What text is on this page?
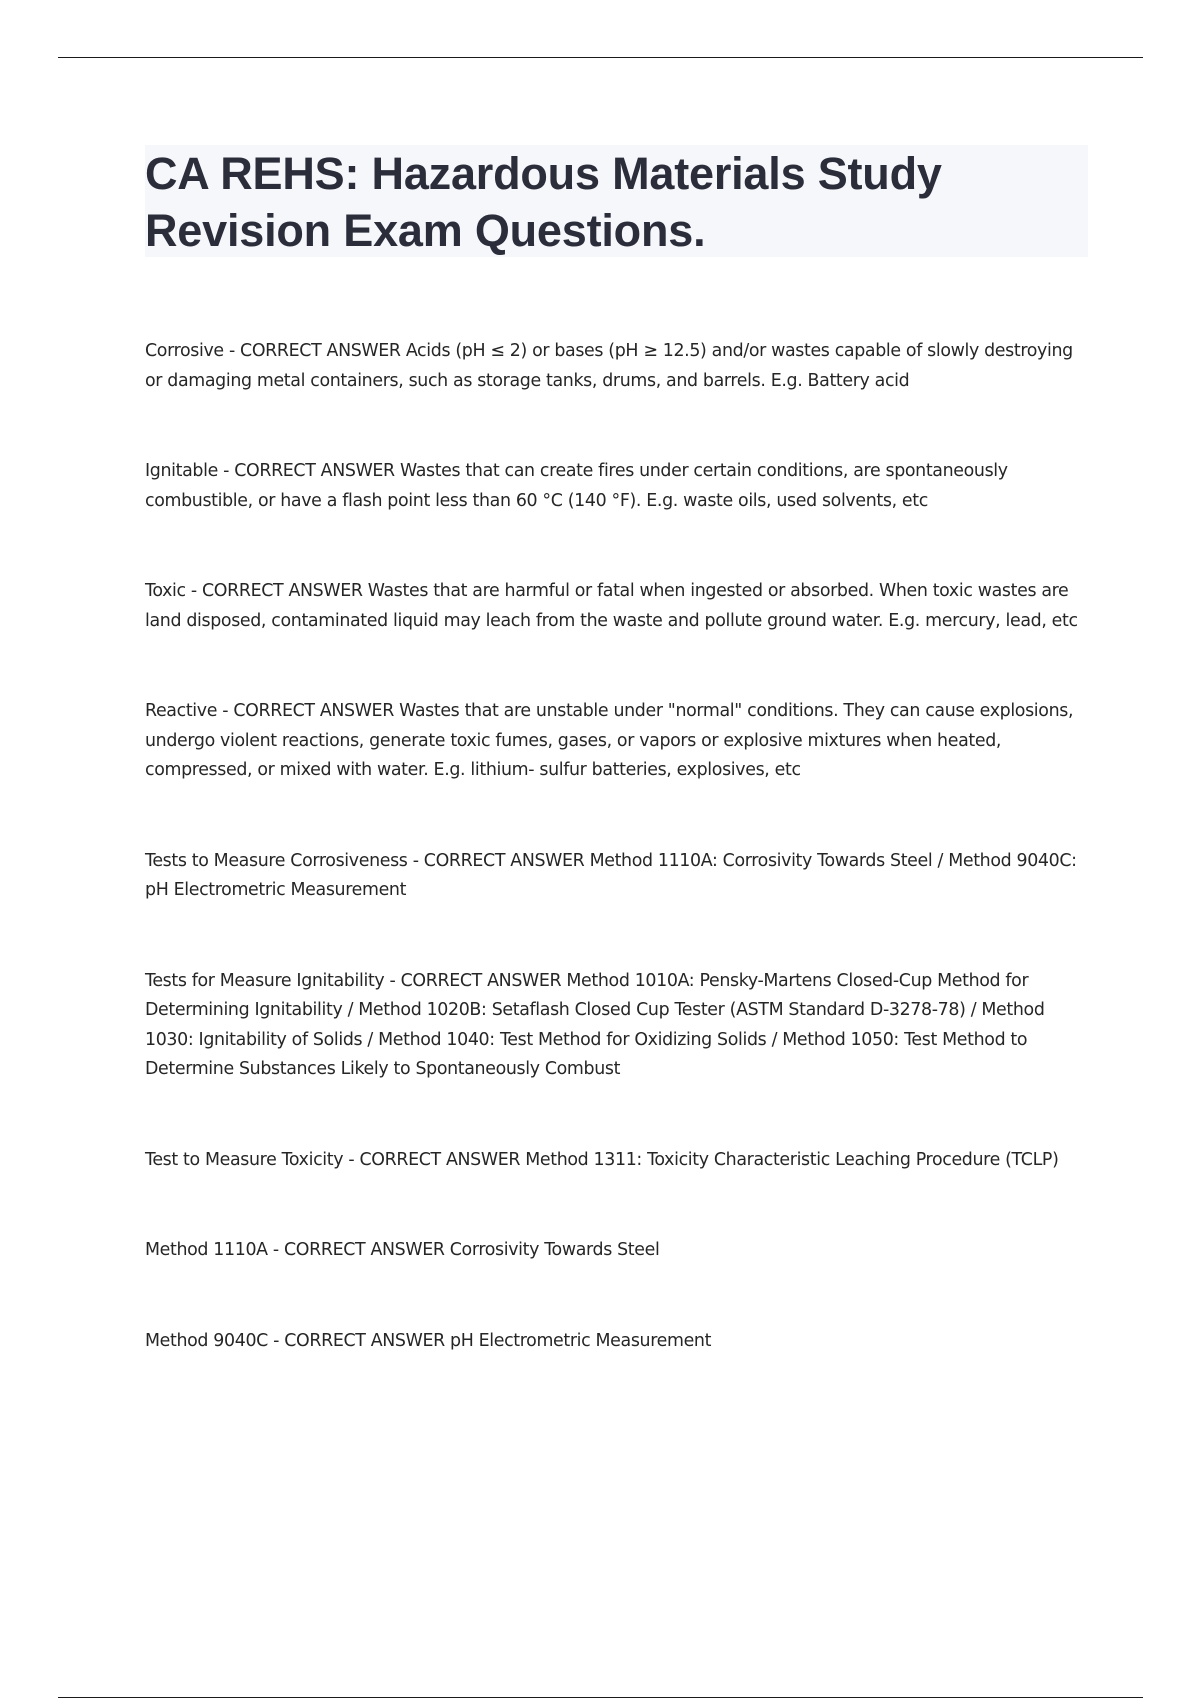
CA REHS: Hazardous Materials Study Revision Exam Questions.
Corrosive - CORRECT ANSWER Acids (pH ≤ 2) or bases (pH ≥ 12.5) and/or wastes capable of slowly destroying or damaging metal containers, such as storage tanks, drums, and barrels. E.g. Battery acid
Ignitable - CORRECT ANSWER Wastes that can create fires under certain conditions, are spontaneously combustible, or have a flash point less than 60 °C (140 °F). E.g. waste oils, used solvents, etc
Toxic - CORRECT ANSWER Wastes that are harmful or fatal when ingested or absorbed. When toxic wastes are land disposed, contaminated liquid may leach from the waste and pollute ground water. E.g. mercury, lead, etc
Reactive - CORRECT ANSWER Wastes that are unstable under "normal" conditions. They can cause explosions, undergo violent reactions, generate toxic fumes, gases, or vapors or explosive mixtures when heated, compressed, or mixed with water. E.g. lithium- sulfur batteries, explosives, etc
Tests to Measure Corrosiveness - CORRECT ANSWER Method 1110A: Corrosivity Towards Steel / Method 9040C: pH Electrometric Measurement
Tests for Measure Ignitability - CORRECT ANSWER Method 1010A: Pensky-Martens Closed-Cup Method for Determining Ignitability / Method 1020B: Setaflash Closed Cup Tester (ASTM Standard D-3278-78) / Method 1030: Ignitability of Solids / Method 1040: Test Method for Oxidizing Solids / Method 1050: Test Method to Determine Substances Likely to Spontaneously Combust
Test to Measure Toxicity - CORRECT ANSWER Method 1311: Toxicity Characteristic Leaching Procedure (TCLP)
Method 1110A - CORRECT ANSWER Corrosivity Towards Steel
Method 9040C - CORRECT ANSWER pH Electrometric Measurement
